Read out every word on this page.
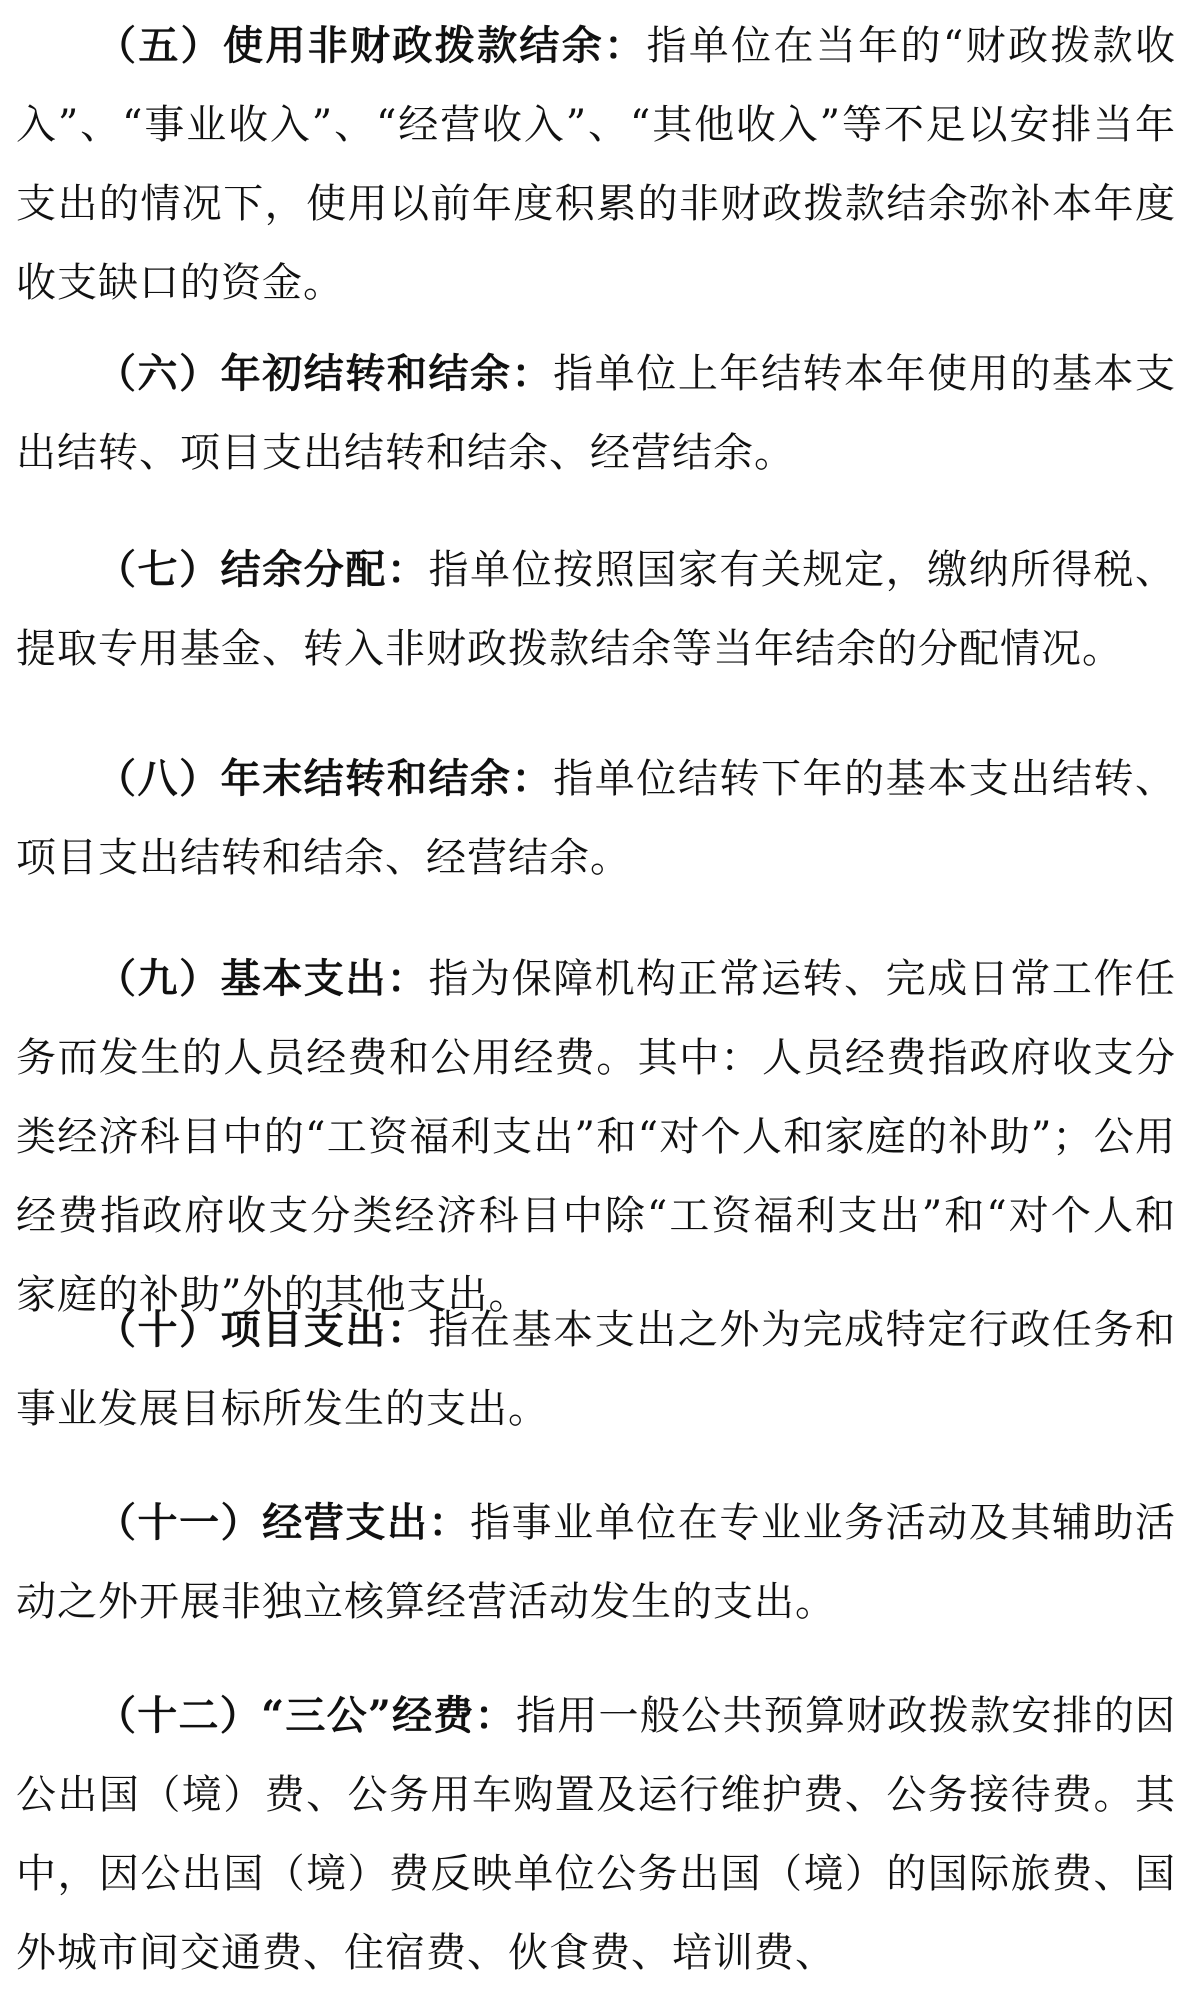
（五）使用非财政拨款结余：指单位在当年的“财政拨款收入”、“事业收入”、“经营收入”、“其他收入”等不足以安排当年支出的情况下，使用以前年度积累的非财政拨款结余弥补本年度收支缺口的资金。

（六）年初结转和结余：指单位上年结转本年使用的基本支出结转、项目支出结转和结余、经营结余。

（七）结余分配：指单位按照国家有关规定，缴纳所得税、提取专用基金、转入非财政拨款结余等当年结余的分配情况。

（八）年末结转和结余：指单位结转下年的基本支出结转、项目支出结转和结余、经营结余。

（九）基本支出：指为保障机构正常运转、完成日常工作任务而发生的人员经费和公用经费。其中：人员经费指政府收支分类经济科目中的“工资福利支出”和“对个人和家庭的补助”；公用经费指政府收支分类经济科目中除“工资福利支出”和“对个人和家庭的补助”外的其他支出。

（十）项目支出：指在基本支出之外为完成特定行政任务和事业发展目标所发生的支出。

（十一）经营支出：指事业单位在专业业务活动及其辅助活动之外开展非独立核算经营活动发生的支出。

（十二）“三公”经费：指用一般公共预算财政拨款安排的因公出国（境）费、公务用车购置及运行维护费、公务接待费。其中，因公出国（境）费反映单位公务出国（境）的国际旅费、国外城市间交通费、住宿费、伙食费、培训费、
